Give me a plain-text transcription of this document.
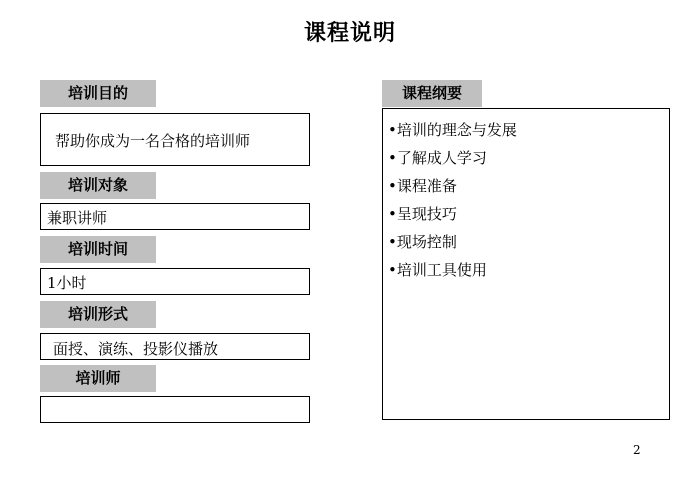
课程说明
培训目的
帮助你成为一名合格的培训师
培训对象
兼职讲师
培训时间
1小时
培训形式
面授、演练、投影仪播放
培训师
课程纲要
•培训的理念与发展
•了解成人学习
•课程准备
•呈现技巧
•现场控制
•培训工具使用
2
